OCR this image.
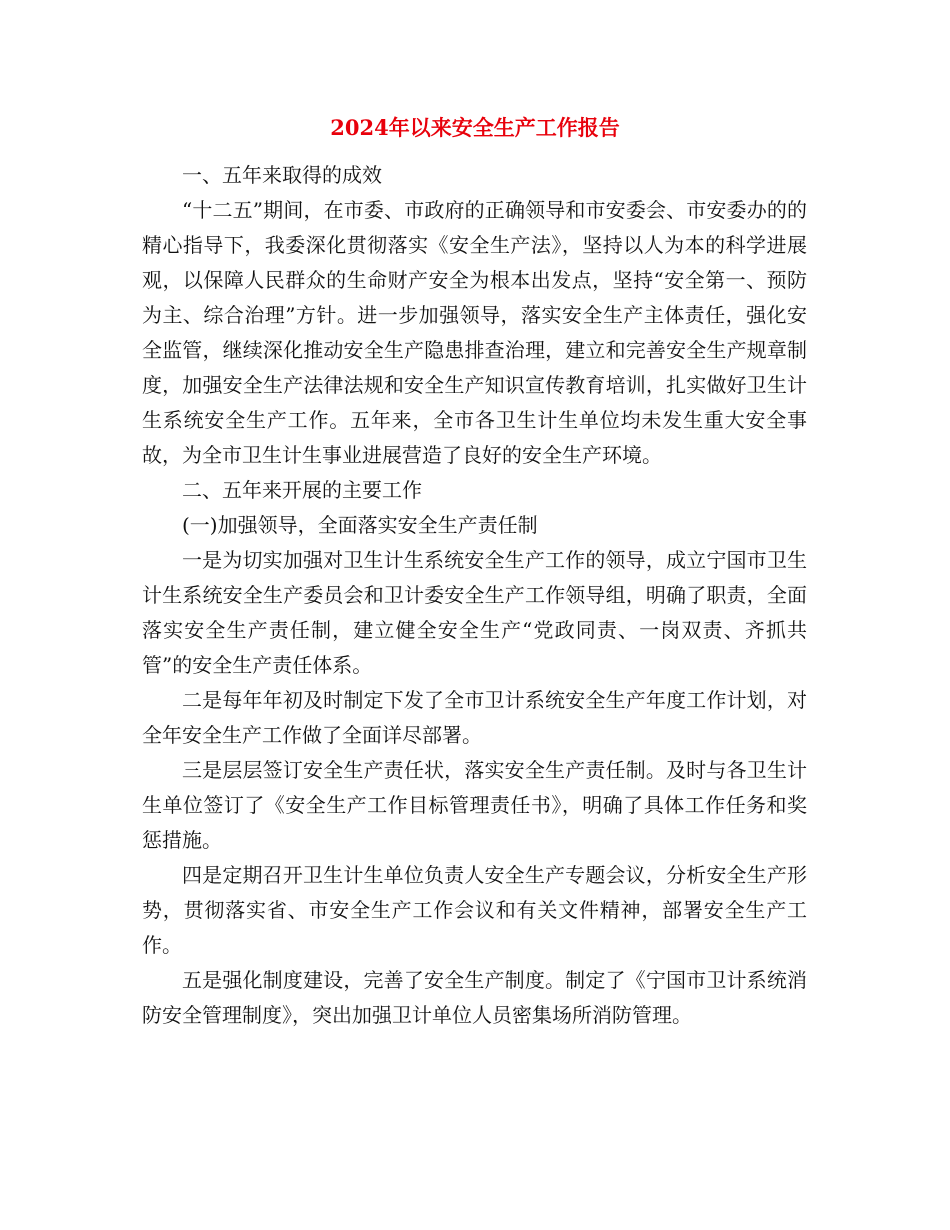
2024年以来安全生产工作报告

一、五年来取得的成效

“十二五”期间，在市委、市政府的正确领导和市安委会、市安委办的的精心指导下，我委深化贯彻落实《安全生产法》，坚持以人为本的科学进展观，以保障人民群众的生命财产安全为根本出发点，坚持“安全第一、预防为主、综合治理”方针。进一步加强领导，落实安全生产主体责任，强化安全监管，继续深化推动安全生产隐患排查治理，建立和完善安全生产规章制度，加强安全生产法律法规和安全生产知识宣传教育培训，扎实做好卫生计生系统安全生产工作。五年来，全市各卫生计生单位均未发生重大安全事故，为全市卫生计生事业进展营造了良好的安全生产环境。

二、五年来开展的主要工作

(一)加强领导，全面落实安全生产责任制

一是为切实加强对卫生计生系统安全生产工作的领导，成立宁国市卫生计生系统安全生产委员会和卫计委安全生产工作领导组，明确了职责，全面落实安全生产责任制，建立健全安全生产“党政同责、一岗双责、齐抓共管”的安全生产责任体系。

二是每年年初及时制定下发了全市卫计系统安全生产年度工作计划，对全年安全生产工作做了全面详尽部署。

三是层层签订安全生产责任状，落实安全生产责任制。及时与各卫生计生单位签订了《安全生产工作目标管理责任书》，明确了具体工作任务和奖惩措施。

四是定期召开卫生计生单位负责人安全生产专题会议，分析安全生产形势，贯彻落实省、市安全生产工作会议和有关文件精神，部署安全生产工作。

五是强化制度建设，完善了安全生产制度。制定了《宁国市卫计系统消防安全管理制度》，突出加强卫计单位人员密集场所消防管理。
